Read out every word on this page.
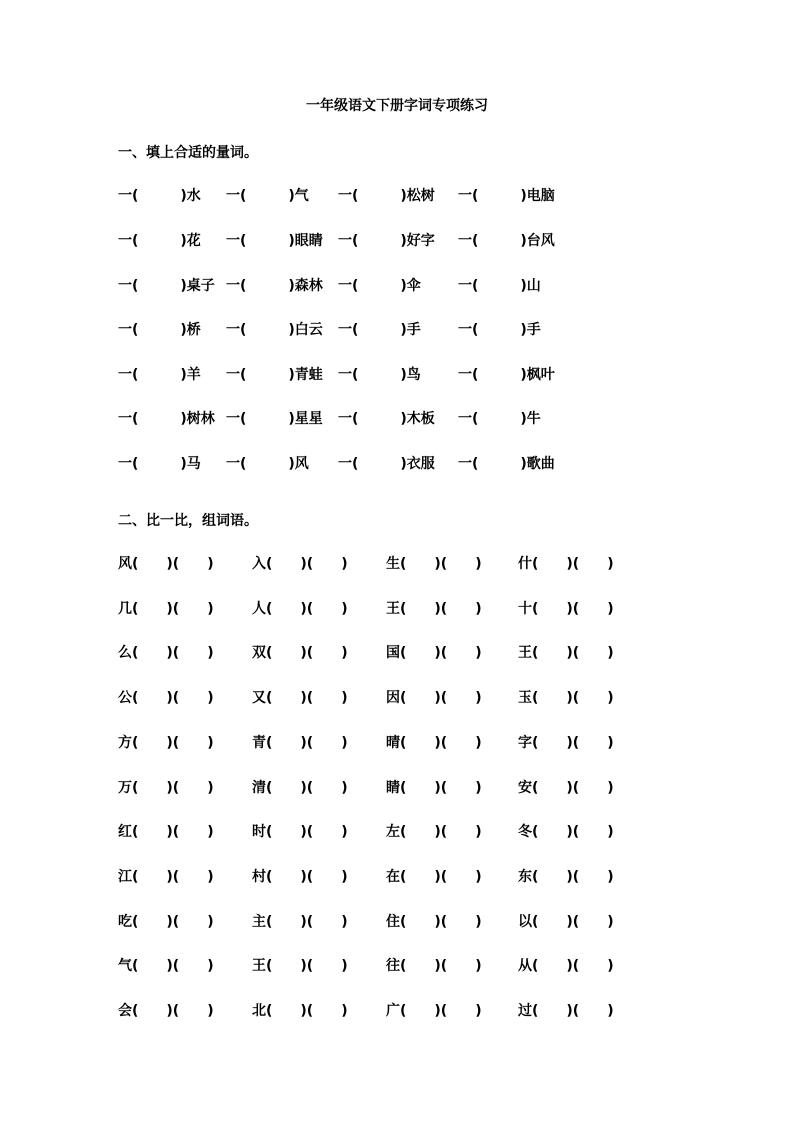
一年级语文下册字词专项练习
一、填上合适的量词。
一(　　　)水 一(　　　)气 一(　　　)松树 一(　　　)电脑
一(　　　)花 一(　　　)眼睛 一(　　　)好字 一(　　　)台风
一(　　　)桌子 一(　　　)森林 一(　　　)伞	一(　　　)山
一(　　　)桥 一(　　　)白云 一(　　　)手	一(　　　)手
一(　　　)羊 一(　　　)青蛙 一(　　　)鸟	一(　　　)枫叶
一(　　　)树林 一(　　　)星星 一(　　　)木板 一(　　　)牛
一(　　　)马 一(　　　)风 一(　　　)衣服 一(　　　)歌曲
二、比一比，组词语。
风(　　)(　　)	入(　　)(　　)	生(　　)(　　)	什(　　)(　　)
几(　　)(　　)	人(　　)(　　)	王(　　)(　　)	十(　　)(　　)
么(　　)(　　)	双(　　)(　　)	国(　　)(　　)	王(　　)(　　)
公(　　)(　　)	又(　　)(　　)	因(　　)(　　)	玉(　　)(　　)
方(　　)(　　)	青(　　)(　　)	晴(　　)(　　)	字(　　)(　　)
万(　　)(　　)	清(　　)(　　)	睛(　　)(　　)	安(　　)(　　)
红(　　)(　　)	时(　　)(　　)	左(　　)(　　)	冬(　　)(　　)
江(　　)(　　)	村(　　)(　　)	在(　　)(　　)	东(　　)(　　)
吃(　　)(　　)	主(　　)(　　)	住(　　)(　　)	以(　　)(　　)
气(　　)(　　)	王(　　)(　　)	往(　　)(　　)	从(　　)(　　)
会(　　)(　　)	北(　　)(　　)	广(　　)(　　)	过(　　)(　　)
